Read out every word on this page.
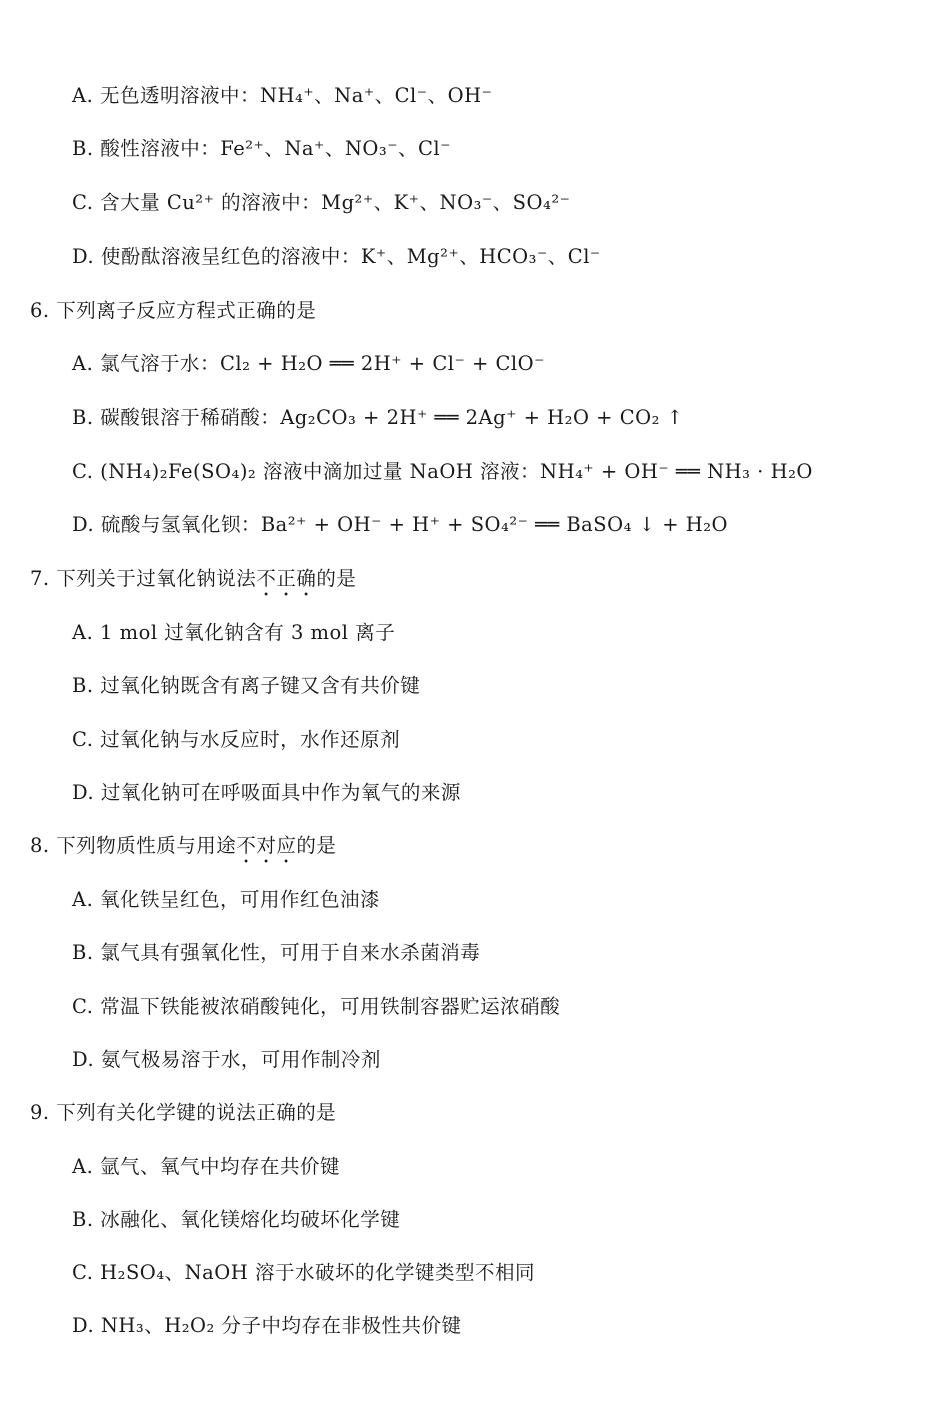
A. 无色透明溶液中：NH₄⁺、Na⁺、Cl⁻、OH⁻
B. 酸性溶液中：Fe²⁺、Na⁺、NO₃⁻、Cl⁻
C. 含大量 Cu²⁺ 的溶液中：Mg²⁺、K⁺、NO₃⁻、SO₄²⁻
D. 使酚酞溶液呈红色的溶液中：K⁺、Mg²⁺、HCO₃⁻、Cl⁻
6. 下列离子反应方程式正确的是
A. 氯气溶于水：Cl₂ + H₂O ══ 2H⁺ + Cl⁻ + ClO⁻
B. 碳酸银溶于稀硝酸：Ag₂CO₃ + 2H⁺ ══ 2Ag⁺ + H₂O + CO₂ ↑
C. (NH₄)₂Fe(SO₄)₂ 溶液中滴加过量 NaOH 溶液：NH₄⁺ + OH⁻ ══ NH₃ · H₂O
D. 硫酸与氢氧化钡：Ba²⁺ + OH⁻ + H⁺ + SO₄²⁻ ══ BaSO₄ ↓ + H₂O
7. 下列关于过氧化钠说法不正确的是
A. 1 mol 过氧化钠含有 3 mol 离子
B. 过氧化钠既含有离子键又含有共价键
C. 过氧化钠与水反应时，水作还原剂
D. 过氧化钠可在呼吸面具中作为氧气的来源
8. 下列物质性质与用途不对应的是
A. 氧化铁呈红色，可用作红色油漆
B. 氯气具有强氧化性，可用于自来水杀菌消毒
C. 常温下铁能被浓硝酸钝化，可用铁制容器贮运浓硝酸
D. 氨气极易溶于水，可用作制冷剂
9. 下列有关化学键的说法正确的是
A. 氩气、氧气中均存在共价键
B. 冰融化、氧化镁熔化均破坏化学键
C. H₂SO₄、NaOH 溶于水破坏的化学键类型不相同
D. NH₃、H₂O₂ 分子中均存在非极性共价键
